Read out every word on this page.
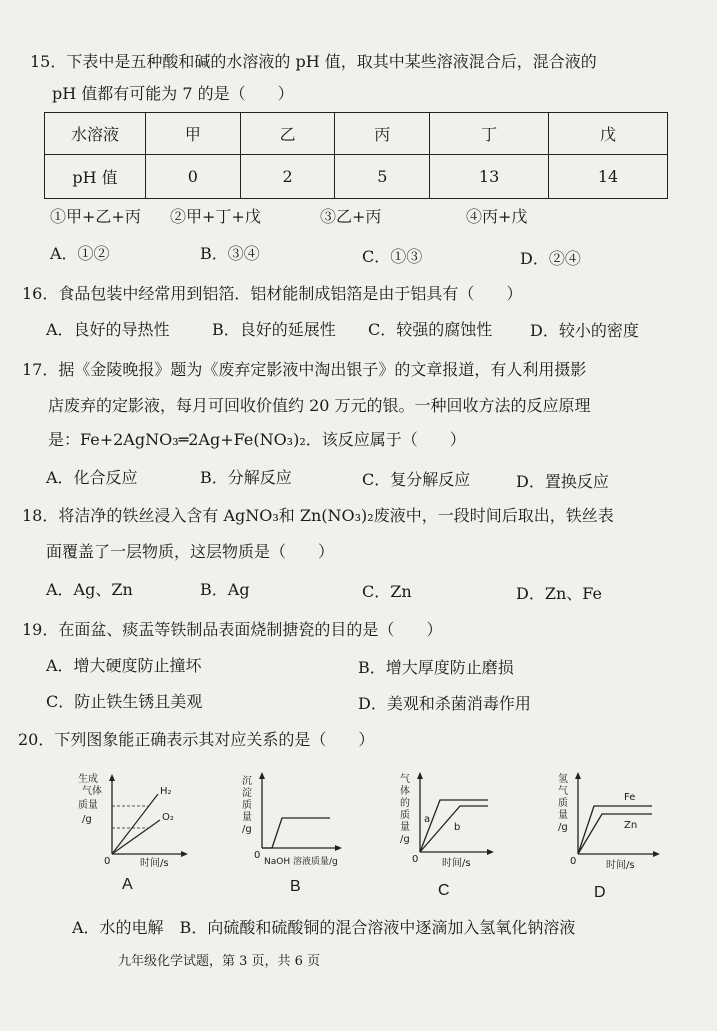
15．下表中是五种酸和碱的水溶液的 pH 值，取其中某些溶液混合后，混合液的
pH 值都有可能为 7 的是（　　）
水溶液	甲	乙	丙	丁	戊
pH 值	0	2	5	13	14
①甲+乙+丙 ②甲+丁+戊	③乙+丙	④丙+戊
A．①②	B．③④	C．①③	D．②④
16．食品包装中经常用到铝箔．铝材能制成铝箔是由于铝具有（　　）
A．良好的导热性	B．良好的延展性 C．较强的腐蚀性 D．较小的密度
17．据《金陵晚报》题为《废弃定影液中淘出银子》的文章报道，有人利用摄影
店废弃的定影液，每月可回收价值约 20 万元的银。一种回收方法的反应原理
是：Fe+2AgNO₃═2Ag+Fe(NO₃)₂．该反应属于（　　）
A．化合反应	B．分解反应	C．复分解反应	D．置换反应
18．将洁净的铁丝浸入含有 AgNO₃和 Zn(NO₃)₂废液中，一段时间后取出，铁丝表
面覆盖了一层物质，这层物质是（　　）
A．Ag、Zn	B．Ag	C．Zn	D．Zn、Fe
19．在面盆、痰盂等铁制品表面烧制搪瓷的目的是（　　）
A．增大硬度防止撞坏	B．增大厚度防止磨损
C．防止铁生锈且美观	D．美观和杀菌消毒作用
20．下列图象能正确表示其对应关系的是（　　）
生成
气体
质量
/g
H₂
O₂
0	时间/s
A
沉
淀
质
量
/g
0
NaOH 溶液质量/g
B
气
体
的
质
量
/g
a
b
0 时间/s
C
氢
气
质
量
/g
Fe
Zn
0	时间/s
D
A．水的电解　B．向硫酸和硫酸铜的混合溶液中逐滴加入氢氧化钠溶液
九年级化学试题，第 3 页，共 6 页
